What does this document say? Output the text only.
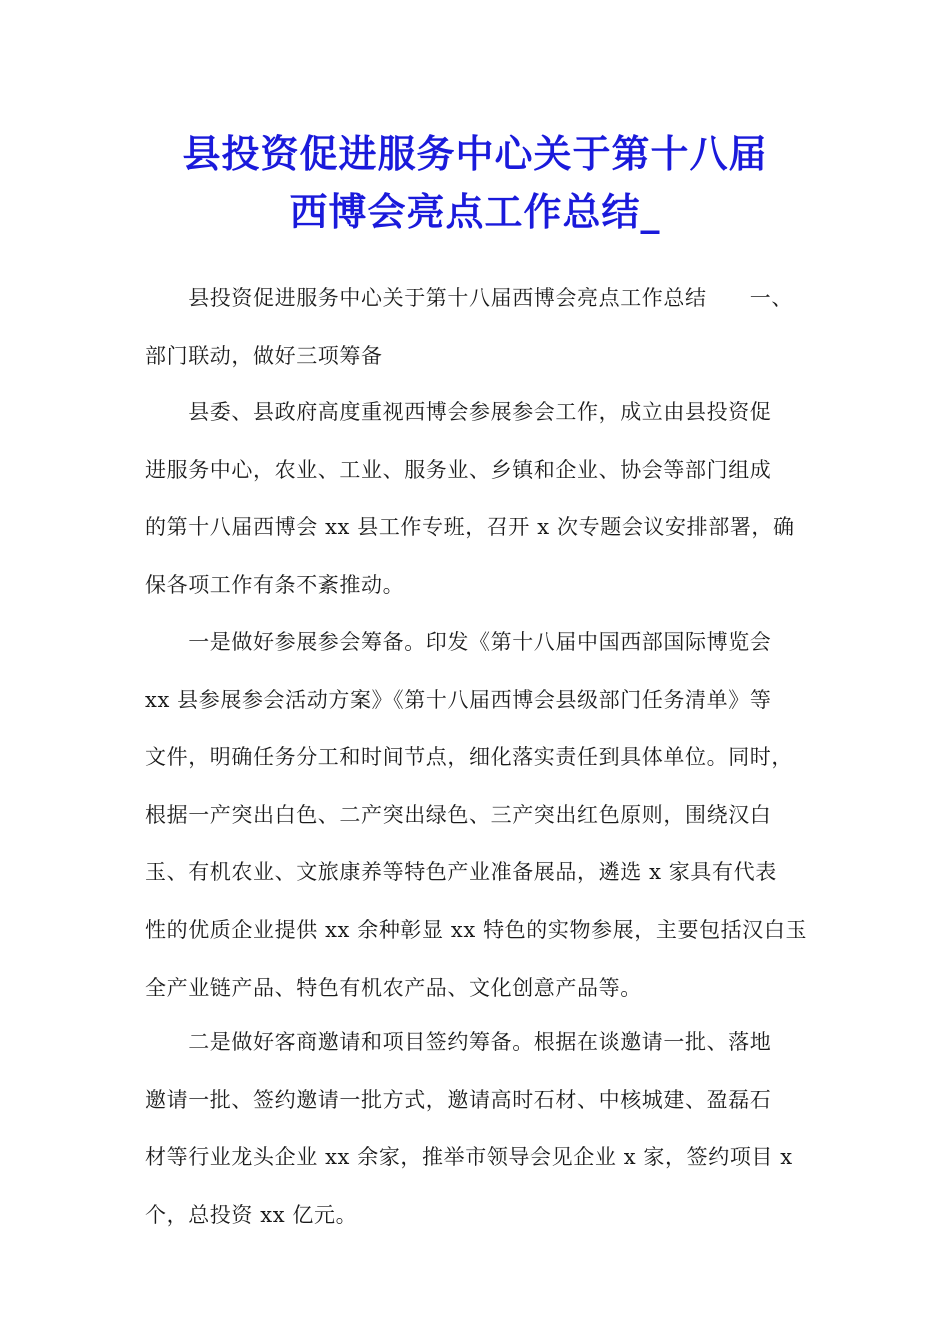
县投资促进服务中心关于第十八届
西博会亮点工作总结_
　　县投资促进服务中心关于第十八届西博会亮点工作总结　　一、
部门联动，做好三项筹备
　　县委、县政府高度重视西博会参展参会工作，成立由县投资促
进服务中心，农业、工业、服务业、乡镇和企业、协会等部门组成
的第十八届西博会 xx 县工作专班，召开 x 次专题会议安排部署，确
保各项工作有条不紊推动。
　　一是做好参展参会筹备。印发《第十八届中国西部国际博览会
xx 县参展参会活动方案》《第十八届西博会县级部门任务清单》等
文件，明确任务分工和时间节点，细化落实责任到具体单位。同时，
根据一产突出白色、二产突出绿色、三产突出红色原则，围绕汉白
玉、有机农业、文旅康养等特色产业准备展品，遴选 x 家具有代表
性的优质企业提供 xx 余种彰显 xx 特色的实物参展，主要包括汉白玉
全产业链产品、特色有机农产品、文化创意产品等。
　　二是做好客商邀请和项目签约筹备。根据在谈邀请一批、落地
邀请一批、签约邀请一批方式，邀请高时石材、中核城建、盈磊石
材等行业龙头企业 xx 余家，推举市领导会见企业 x 家，签约项目 x
个，总投资 xx 亿元。
